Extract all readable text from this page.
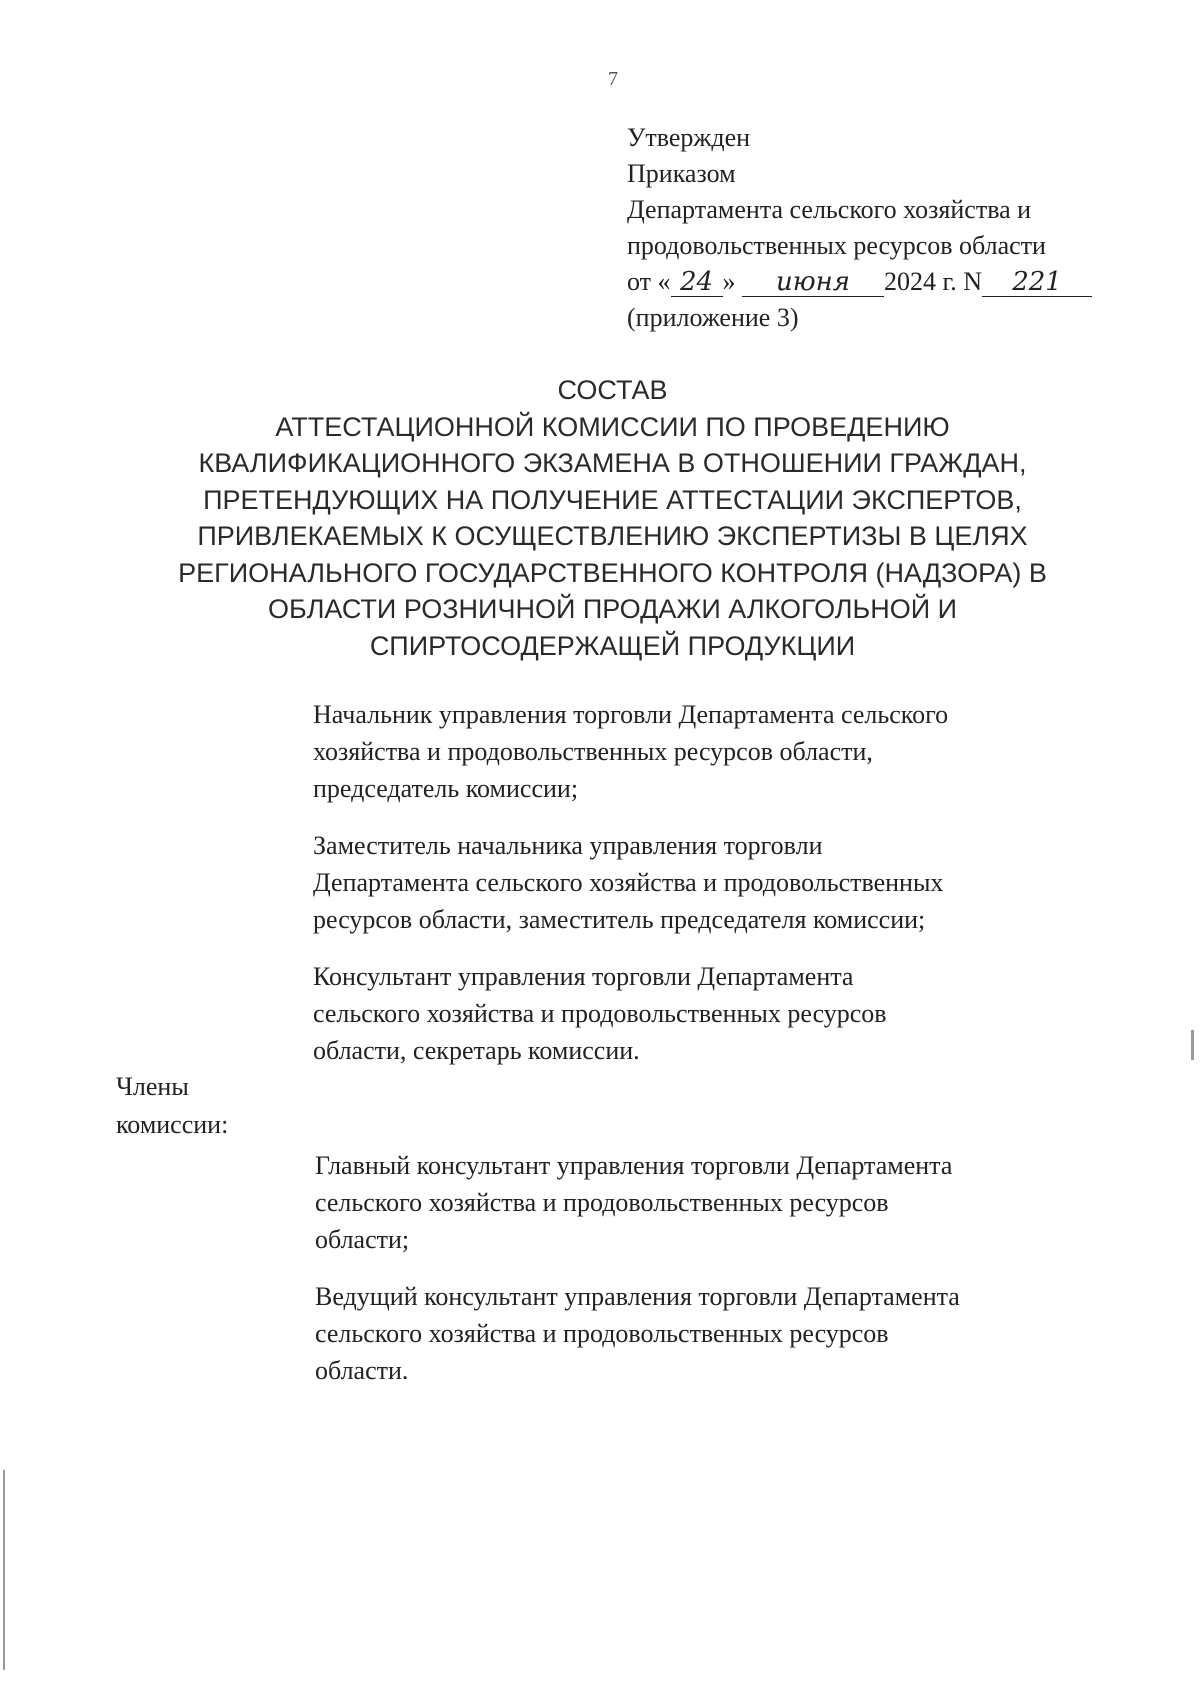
7
Утвержден
Приказом
Департамента сельского хозяйства и
продовольственных ресурсов области
от « 24 » июня 2024 г. N 221
(приложение 3)
СОСТАВ
АТТЕСТАЦИОННОЙ КОМИССИИ ПО ПРОВЕДЕНИЮ
КВАЛИФИКАЦИОННОГО ЭКЗАМЕНА В ОТНОШЕНИИ ГРАЖДАН,
ПРЕТЕНДУЮЩИХ НА ПОЛУЧЕНИЕ АТТЕСТАЦИИ ЭКСПЕРТОВ,
ПРИВЛЕКАЕМЫХ К ОСУЩЕСТВЛЕНИЮ ЭКСПЕРТИЗЫ В ЦЕЛЯХ
РЕГИОНАЛЬНОГО ГОСУДАРСТВЕННОГО КОНТРОЛЯ (НАДЗОРА) В
ОБЛАСТИ РОЗНИЧНОЙ ПРОДАЖИ АЛКОГОЛЬНОЙ И
СПИРТОСОДЕРЖАЩЕЙ ПРОДУКЦИИ
Начальник управления торговли Департамента сельского
хозяйства и продовольственных ресурсов области,
председатель комиссии;
Заместитель начальника управления торговли
Департамента сельского хозяйства и продовольственных
ресурсов области, заместитель председателя комиссии;
Консультант управления торговли Департамента
сельского хозяйства и продовольственных ресурсов
области, секретарь комиссии.
Члены
комиссии:
Главный консультант управления торговли Департамента
сельского хозяйства и продовольственных ресурсов
области;
Ведущий консультант управления торговли Департамента
сельского хозяйства и продовольственных ресурсов
области.
